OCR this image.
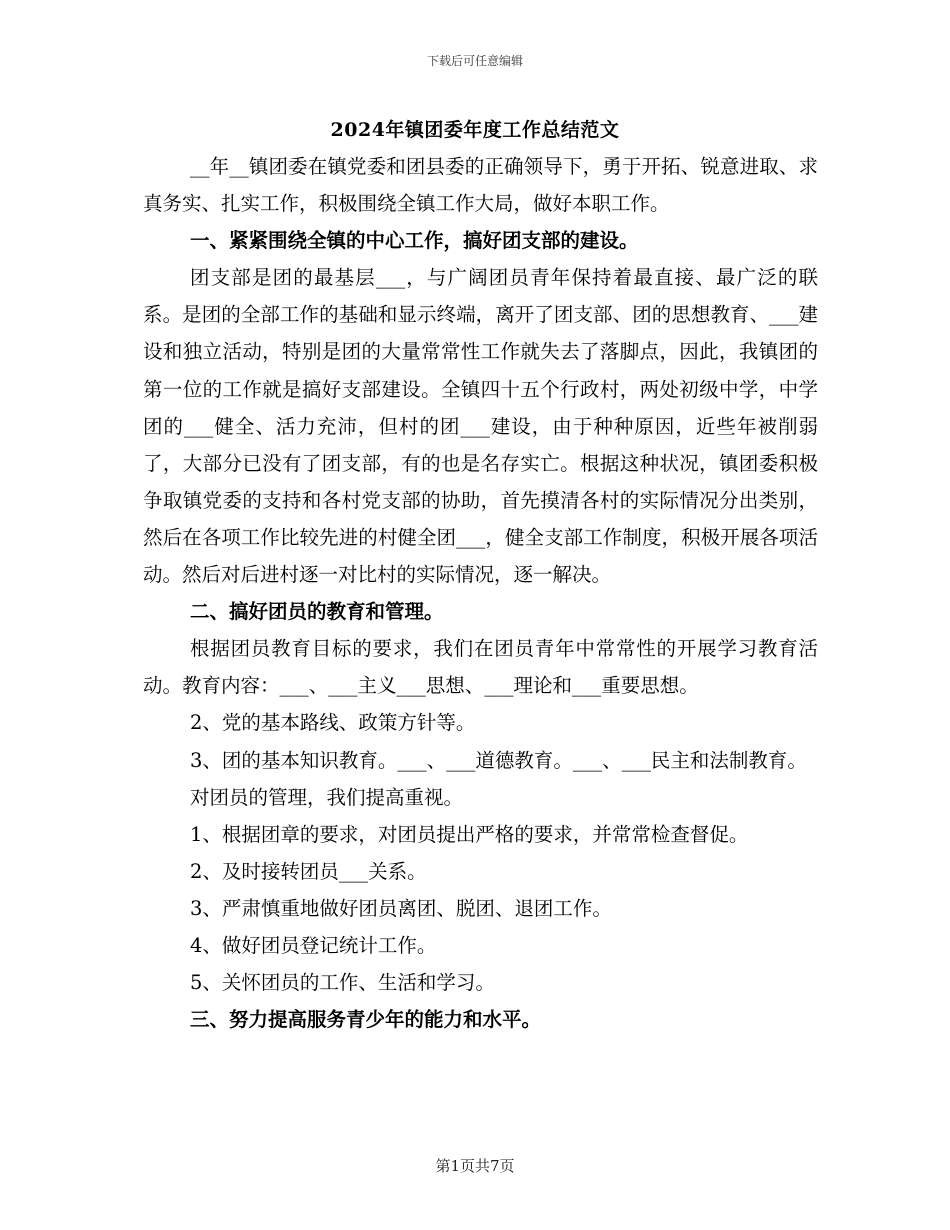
下载后可任意编辑
2024年镇团委年度工作总结范文

__年__镇团委在镇党委和团县委的正确领导下，勇于开拓、锐意进取、求真务实、扎实工作，积极围绕全镇工作大局，做好本职工作。

一、紧紧围绕全镇的中心工作，搞好团支部的建设。

团支部是团的最基层___，与广阔团员青年保持着最直接、最广泛的联系。是团的全部工作的基础和显示终端，离开了团支部、团的思想教育、___建设和独立活动，特别是团的大量常常性工作就失去了落脚点，因此，我镇团的第一位的工作就是搞好支部建设。全镇四十五个行政村，两处初级中学，中学团的___健全、活力充沛，但村的团___建设，由于种种原因，近些年被削弱了，大部分已没有了团支部，有的也是名存实亡。根据这种状况，镇团委积极争取镇党委的支持和各村党支部的协助，首先摸清各村的实际情况分出类别，然后在各项工作比较先进的村健全团___，健全支部工作制度，积极开展各项活动。然后对后进村逐一对比村的实际情况，逐一解决。

二、搞好团员的教育和管理。

根据团员教育目标的要求，我们在团员青年中常常性的开展学习教育活动。教育内容：___、___主义___思想、___理论和___重要思想。

2、党的基本路线、政策方针等。

3、团的基本知识教育。___、___道德教育。___、___民主和法制教育。

对团员的管理，我们提高重视。

1、根据团章的要求，对团员提出严格的要求，并常常检查督促。

2、及时接转团员___关系。

3、严肃慎重地做好团员离团、脱团、退团工作。

4、做好团员登记统计工作。

5、关怀团员的工作、生活和学习。

三、努力提高服务青少年的能力和水平。

第1页共7页
